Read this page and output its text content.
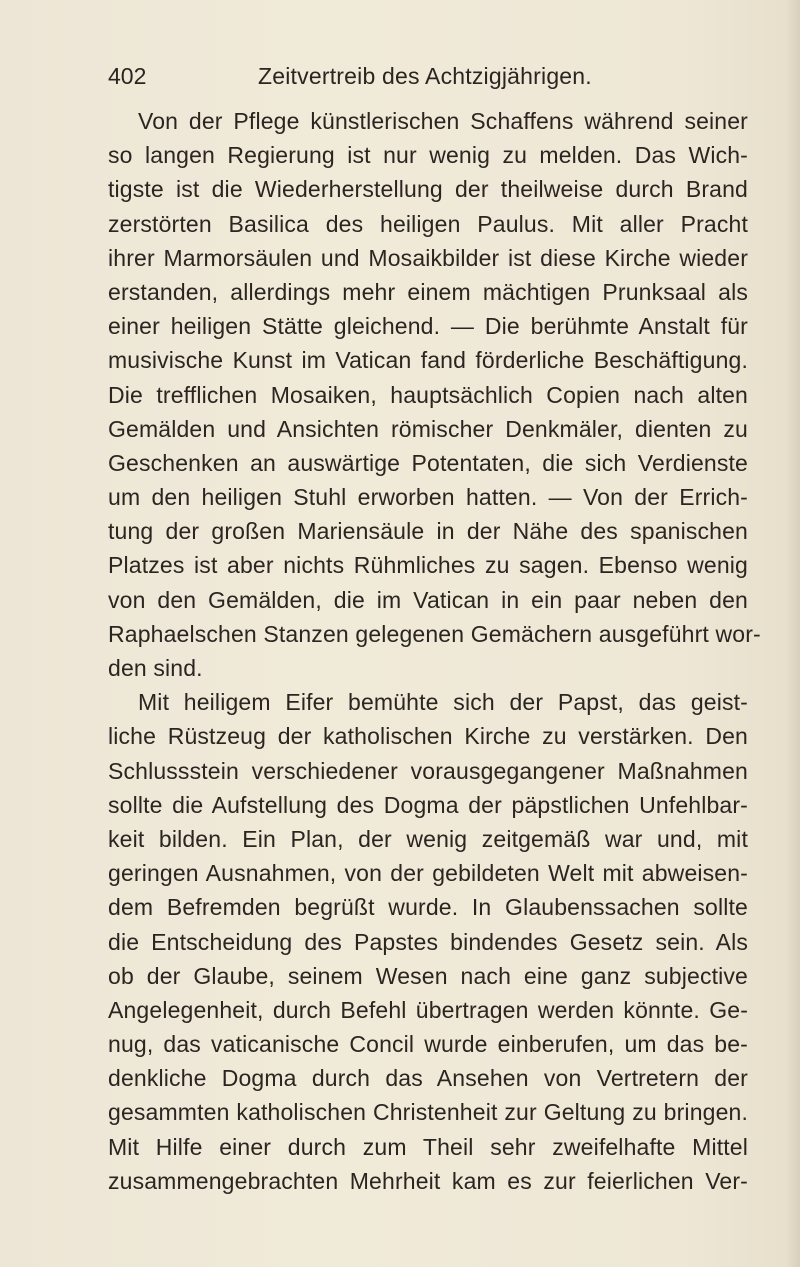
402	Zeitvertreib des Achtzigjährigen.
Von der Pflege künstlerischen Schaffens während seiner
so langen Regierung ist nur wenig zu melden. Das Wich-
tigste ist die Wiederherstellung der theilweise durch Brand
zerstörten Basilica des heiligen Paulus. Mit aller Pracht
ihrer Marmorsäulen und Mosaikbilder ist diese Kirche wieder
erstanden, allerdings mehr einem mächtigen Prunksaal als
einer heiligen Stätte gleichend. — Die berühmte Anstalt für
musivische Kunst im Vatican fand förderliche Beschäftigung.
Die trefflichen Mosaiken, hauptsächlich Copien nach alten
Gemälden und Ansichten römischer Denkmäler, dienten zu
Geschenken an auswärtige Potentaten, die sich Verdienste
um den heiligen Stuhl erworben hatten. — Von der Errich-
tung der großen Mariensäule in der Nähe des spanischen
Platzes ist aber nichts Rühmliches zu sagen. Ebenso wenig
von den Gemälden, die im Vatican in ein paar neben den
Raphaelschen Stanzen gelegenen Gemächern ausgeführt wor-
den sind.
Mit heiligem Eifer bemühte sich der Papst, das geist-
liche Rüstzeug der katholischen Kirche zu verstärken. Den
Schlussstein verschiedener vorausgegangener Maßnahmen
sollte die Aufstellung des Dogma der päpstlichen Unfehlbar-
keit bilden. Ein Plan, der wenig zeitgemäß war und, mit
geringen Ausnahmen, von der gebildeten Welt mit abweisen-
dem Befremden begrüßt wurde. In Glaubenssachen sollte
die Entscheidung des Papstes bindendes Gesetz sein. Als
ob der Glaube, seinem Wesen nach eine ganz subjective
Angelegenheit, durch Befehl übertragen werden könnte. Ge-
nug, das vaticanische Concil wurde einberufen, um das be-
denkliche Dogma durch das Ansehen von Vertretern der
gesammten katholischen Christenheit zur Geltung zu bringen.
Mit Hilfe einer durch zum Theil sehr zweifelhafte Mittel
zusammengebrachten Mehrheit kam es zur feierlichen Ver-
